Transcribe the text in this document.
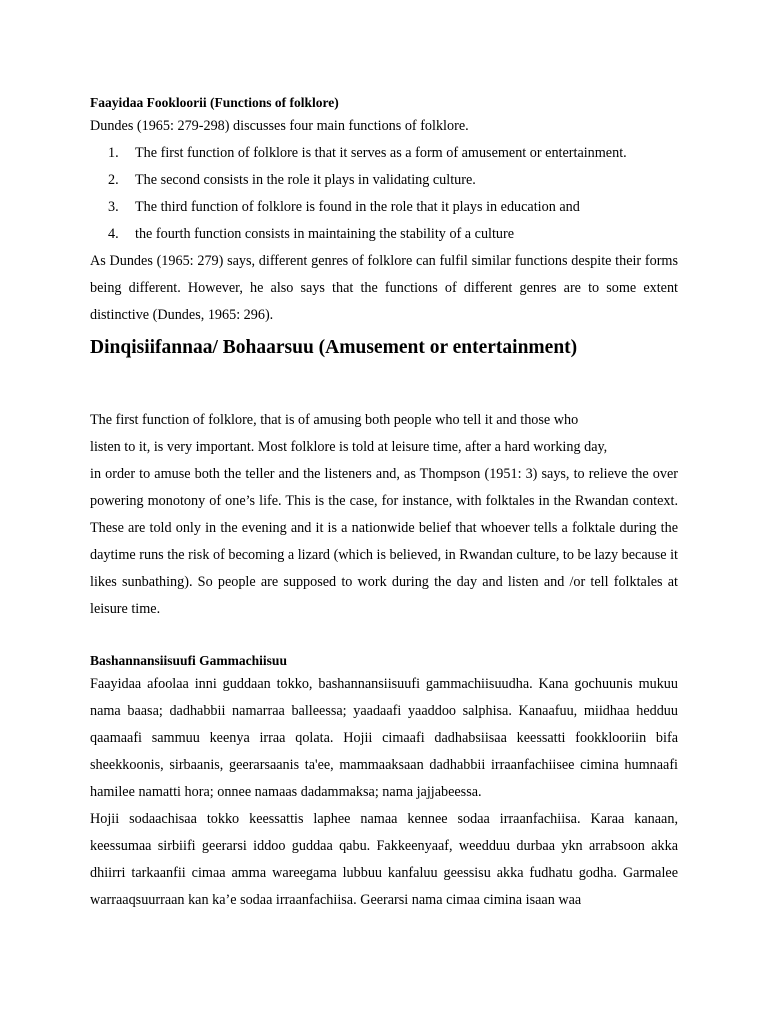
Faayidaa Fookloorii (Functions of folklore)

Dundes (1965: 279-298) discusses four main functions of folklore.

1. The first function of folklore is that it serves as a form of amusement or entertainment.
2. The second consists in the role it plays in validating culture.
3. The third function of folklore is found in the role that it plays in education and
4. the fourth function consists in maintaining the stability of a culture

As Dundes (1965: 279) says, different genres of folklore can fulfil similar functions despite their forms being different. However, he also says that the functions of different genres are to some extent distinctive (Dundes, 1965: 296).

Dinqisiifannaa/ Bohaarsuu (Amusement or entertainment)

The first function of folklore, that is of amusing both people who tell it and those who

listen to it, is very important. Most folklore is told at leisure time, after a hard working day,

in order to amuse both the teller and the listeners and, as Thompson (1951: 3) says, to relieve the over powering monotony of one’s life. This is the case, for instance, with folktales in the Rwandan context. These are told only in the evening and it is a nationwide belief that whoever tells a folktale during the daytime runs the risk of becoming a lizard (which is believed, in Rwandan culture, to be lazy because it likes sunbathing). So people are supposed to work during the day and listen and /or tell folktales at leisure time.

Bashannansiisuufi Gammachiisuu

Faayidaa afoolaa inni guddaan tokko, bashannansiisuufi gammachiisuudha. Kana gochuunis mukuu nama baasa; dadhabbii namarraa balleessa; yaadaafi yaaddoo salphisa. Kanaafuu, miidhaa hedduu qaamaafi sammuu keenya irraa qolata. Hojii cimaafi dadhabsiisaa keessatti fookklooriin bifa sheekkoonis, sirbaanis, geerarsaanis ta'ee, mammaaksaan dadhabbii irraanfachiisee cimina humnaafi hamilee namatti hora; onnee namaas dadammaksa; nama jajjabeessa.

Hojii sodaachisaa tokko keessattis laphee namaa kennee sodaa irraanfachiisa. Karaa kanaan, keessumaa sirbiifi geerarsi iddoo guddaa qabu. Fakkeenyaaf, weedduu durbaa ykn arrabsoon akka dhiirri tarkaanfii cimaa amma wareegama lubbuu kanfaluu geessisu akka fudhatu godha. Garmalee warraaqsuurraan kan ka’e sodaa irraanfachiisa. Geerarsi nama cimaa cimina isaan waa
